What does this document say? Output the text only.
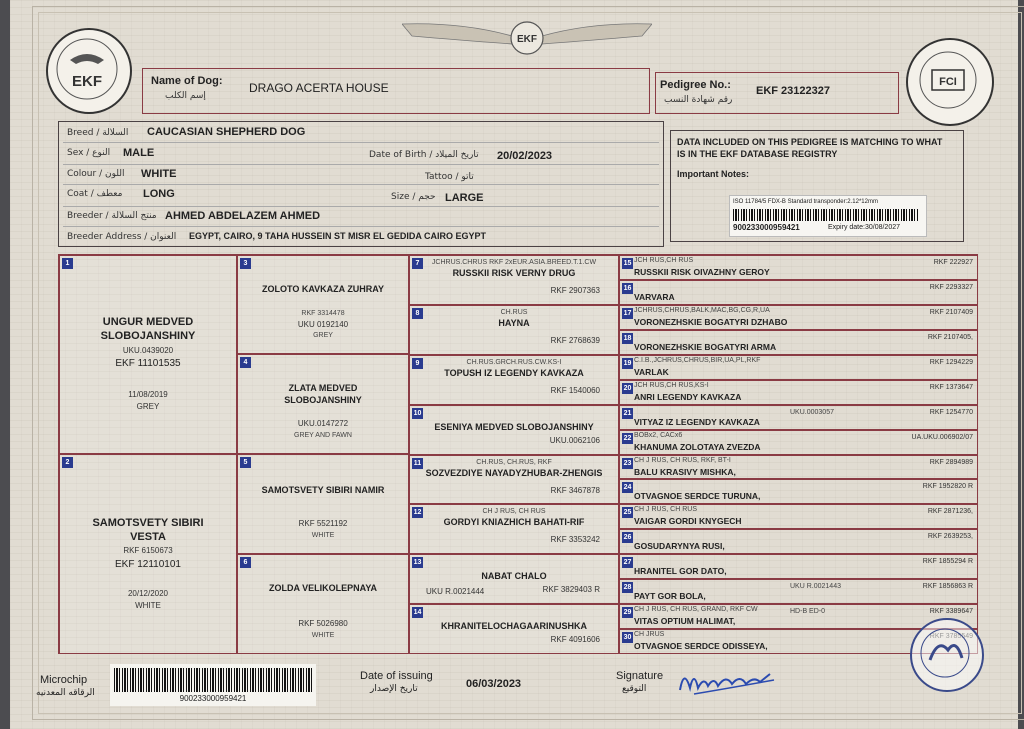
EKF
EKF
FCI
Name of Dog:
إسم الكلب
DRAGO ACERTA HOUSE	Pedigree No.:
رقم شهادة النسب
EKF 23122327
Breed / السلالة CAUCASIAN SHEPHERD DOG
Sex / النوع MALE	Date of Birth / تاريخ الميلاد 20/02/2023
Colour / اللون WHITE	Tattoo / تاتو
Coat / معطف LONG	Size / حجم LARGE
Breeder / منتج السلالة AHMED ABDELAZEM AHMED
Breeder Address / العنوان EGYPT, CAIRO, 9 TAHA HUSSEIN ST MISR EL GEDIDA CAIRO EGYPT
DATA INCLUDED ON THIS PEDIGREE IS MATCHING TO WHAT
IS IN THE EKF DATABASE REGISTRY
Important Notes:
ISO 11784/5 FDX-B Standard transponder:2.12*12mm
900233000959421	Expiry date:30/08/2027
1
UNGUR MEDVED
SLOBOJANSHINY
UKU.0439020
EKF 11101535
11/08/2019
GREY
2
SAMOTSVETY SIBIRI
VESTA
RKF 6150673
EKF 12110101
20/12/2020
WHITE
3
ZOLOTO KAVKAZA ZUHRAY
RKF 3314478
UKU 0192140
GREY
4
ZLATA MEDVED
SLOBOJANSHINY
UKU.0147272
GREY AND FAWN
5
SAMOTSVETY SIBIRI NAMIR
RKF 5521192
WHITE
6
ZOLDA VELIKOLEPNAYA
RKF 5026980
WHITE
7	JCHRUS.CHRUS RKF 2xEUR.ASIA.BREED.T.1.CW
RUSSKII RISK VERNY DRUG
RKF 2907363
8	CH.RUS
HAYNA
RKF 2768639
9	CH.RUS.GRCH.RUS.CW.KS-I
TOPUSH IZ LEGENDY KAVKAZA
RKF 1540060
10
ESENIYA MEDVED SLOBOJANSHINY
UKU.0062106
11	CH.RUS, CH.RUS, RKF
SOZVEZDIYE NAYADYZHUBAR-ZHENGIS
RKF 3467878
12	CH J RUS, CH RUS
GORDYI KNIAZHICH BAHATI-RIF
RKF 3353242
13
NABAT CHALO
UKU R.0021444	RKF 3829403 R
14
KHRANITELOCHAGAARINUSHKA
RKF 4091606
15 JCH RUS,CH RUS
RUSSKII RISK OIVAZHNY GEROY
RKF 222927
16
VARVARA
RKF 2293327
17 JCHRUS,CHRUS,BALK,MAC,BG,CG,R,UA
VORONEZHSKIE BOGATYRI DZHABO
RKF 2107409
18
VORONEZHSKIE BOGATYRI ARMA
RKF 2107405,
19 C.I.B.,JCHRUS,CHRUS,BIR,UA,PL,RKF
VARLAK
RKF 1294229
20 JCH RUS,CH RUS,KS-I
ANRI LEGENDY KAVKAZA
RKF 1373647
21
VITYAZ IZ LEGENDY KAVKAZA
UKU.0003057	RKF 1254770
22 BOBx2, CACx6
KHANUMA ZOLOTAYA ZVEZDA
UA.UKU.006902/07
23 CH J RUS, CH RUS, RKF, BT-I
BALU KRASIVY MISHKA,
RKF 2894989
24
OTVAGNOE SERDCE TURUNA,
RKF 1952820 R
25 CH J RUS, CH RUS
VAIGAR GORDI KNYGECH
RKF 2871236,
26
GOSUDARYNYA RUSI,
RKF 2639253,
27
HRANITEL GOR DATO,
RKF 1855294 R
28
PAYT GOR BOLA,
UKU R.0021443	RKF 1856863 R
29 CH J RUS, CH RUS, GRAND, RKF CW
VITAS OPTIUM HALIMAT,
HD-B ED-0	RKF 3389647
30 CH JRUS
OTVAGNOE SERDCE ODISSEYA,
Microchip
الرقاقه المعدنيه
900233000959421
Date of issuing
تاريخ الإصدار	06/03/2023
Signature
التوقيع
